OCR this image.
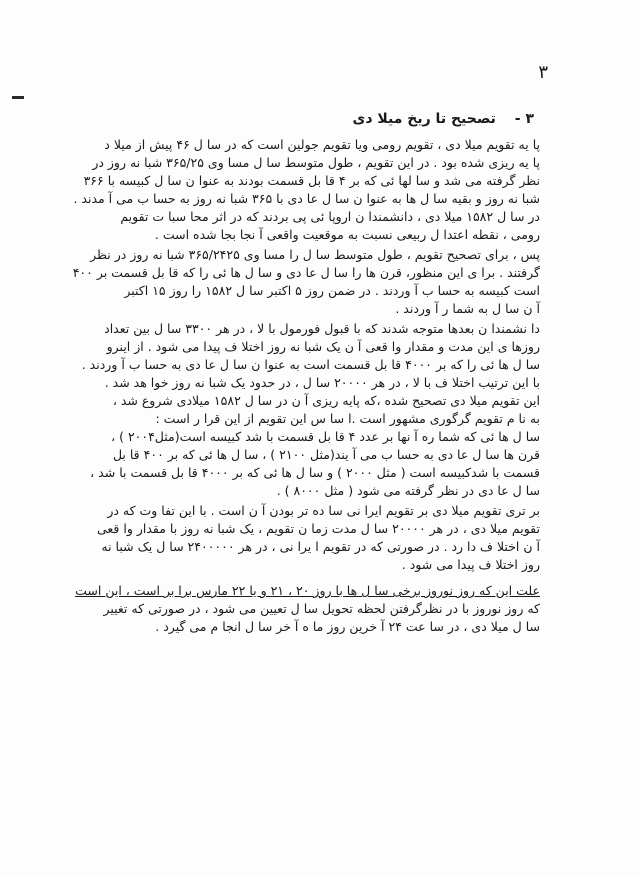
۳
۳ - تصحیح تا ریخ میلا دی
پا یه تقویم میلا دی ، تقویم رومی ویا تقویم جولین است که در سا ل ۴۶ پیش از میلا د
پا یه ریزی شده بود . در این تقویم ، طول متوسط سا ل مسا وی ۳۶۵/۲۵ شبا نه روز در
نظر گرفته می شد و سا لها ئی که بر ۴ قا بل قسمت بودند به عنوا ن سا ل کبیسه با ۳۶۶
شبا نه روز و بقیه سا ل ها به عنوا ن سا ل عا دی با ۳۶۵ شبا نه روز به حسا ب می آ مدند .
در سا ل ۱۵۸۲ میلا دی ، دانشمندا ن اروپا ئی پی بردند که در اثر محا سبا ت تقویم
رومی ، نقطه اعتدا ل ربیعی نسبت به موقعیت واقعی آ نجا بجا شده است .
پس ، برای تصحیح تقویم ، طول متوسط سا ل را مسا وی ۳۶۵/۲۴۲۵ شبا نه روز در نظر
گرفتند . برا ی این منظور، قرن ها را سا ل عا دی و سا ل ها ئی را که قا بل قسمت بر ۴۰۰
است کبیسه به حسا ب آ وردند . در ضمن روز ۵ اکتبر سا ل ۱۵۸۲ را روز ۱۵ اکتبر
آ ن سا ل به شما ر آ وردند .
دا نشمندا ن بعدها متوجه شدند که با قبول فورمول با لا ، در هر ۳۳۰۰ سا ل بین تعداد
روزها ی این مدت و مقدار وا قعی آ ن یک شبا نه روز اختلا ف پیدا می شود . از اینرو
سا ل ها ئی را که بر ۴۰۰۰ قا بل قسمت است به عنوا ن سا ل عا دی به حسا ب آ وردند .
با این ترتیب اختلا ف با لا ، در هر ۲۰۰۰۰ سا ل ، در حدود یک شبا نه روز خوا هد شد .
این تقویم میلا دی تصحیح شده ،که پایه ریزی آ ن در سا ل ۱۵۸۲ میلادی شروع شد ،
به نا م تقویم گرگوری مشهور است .ا سا س این تقویم از این قرا ر است :
سا ل ها ئی که شما ره آ نها بر عدد ۴ قا بل قسمت با شد کبیسه است(مثل۲۰۰۴ ) ،
قرن ها سا ل عا دی به حسا ب می آ یند(مثل ۲۱۰۰ ) ، سا ل ها ئی که بر ۴۰۰ قا بل
قسمت با شدکبیسه است ( مثل ۲۰۰۰ ) و سا ل ها ئی که بر ۴۰۰۰ قا بل قسمت با شد ،
سا ل عا دی در نظر گرفته می شود ( مثل ۸۰۰۰ ) .
بر تری تقویم میلا دی بر تقویم ایرا نی سا ده تر بودن آ ن است . با این تفا وت که در
تقویم میلا دی ، در هر ۲۰۰۰۰ سا ل مدت زما ن تقویم ، یک شبا نه روز با مقدار وا قعی
آ ن اختلا ف دا رد . در صورتی که در تقویم ا یرا نی ، در هر ۲۴۰۰۰۰۰ سا ل یک شبا نه
روز اختلا ف پیدا می شود .
علت این که روز نوروز برخی سا ل ها با روز ۲۰ ، ۲۱ و یا ۲۲ مارس برا بر است ، این است
که روز نوروز با در نظرگرفتن لحظه تحویل سا ل تعیین می شود ، در صورتی که تغییر
سا ل میلا دی ، در سا عت ۲۴ آ خرین روز ما ه آ خر سا ل انجا م می گیرد .
